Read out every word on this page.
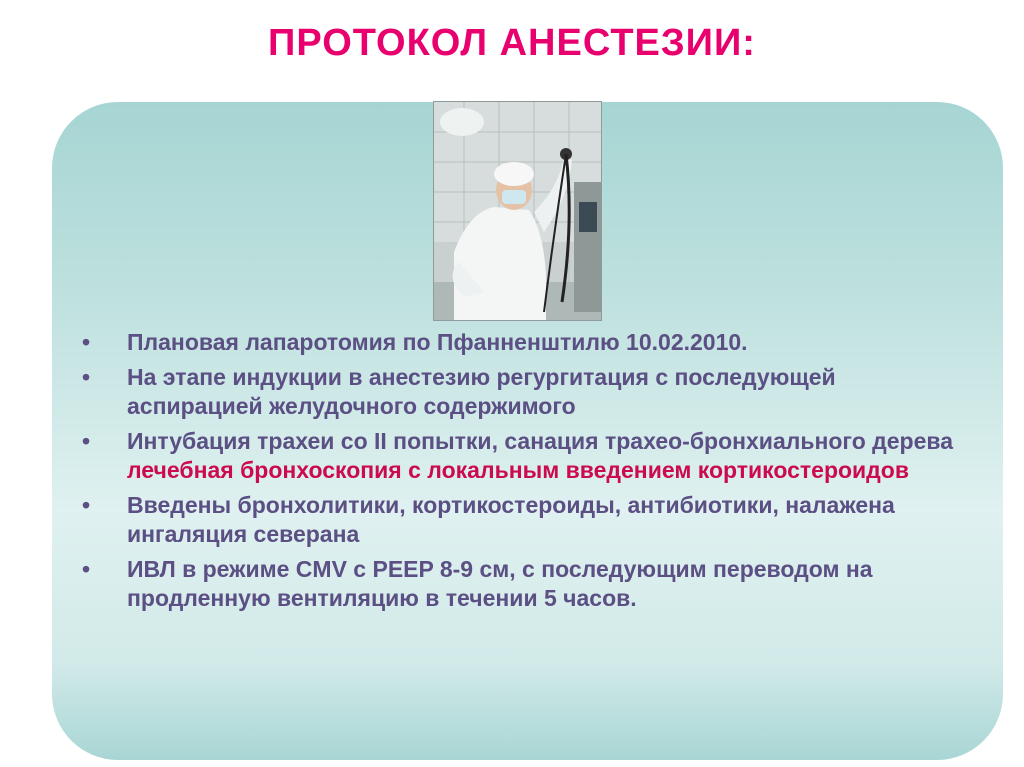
ПРОТОКОЛ АНЕСТЕЗИИ:
• Плановая лапаротомия по Пфанненштилю 10.02.2010.
• На этапе индукции в анестезию регургитация с последующей аспирацией желудочного содержимого
• Интубация трахеи со II попытки, санация трахео-бронхиального дерева лечебная бронхоскопия с локальным введением кортикостероидов
• Введены бронхолитики, кортикостероиды, антибиотики, налажена ингаляция северана
• ИВЛ в режиме CMV с PEEP 8-9 см, с последующим переводом на продленную вентиляцию в течении 5 часов.
